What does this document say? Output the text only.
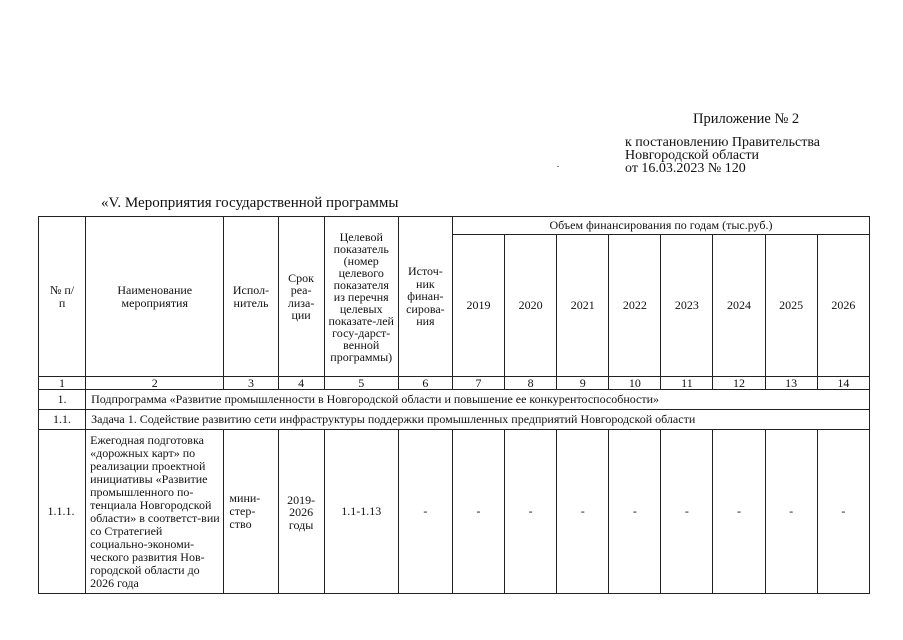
Приложение № 2
к постановлению Правительства
Новгородской области
от 16.03.2023 № 120
«V. Мероприятия государственной программы
№ п/п	Наименование мероприятия	Испол-нитель	Срок реа-лиза-ции	Целевой показатель (номер целевого показателя из перечня целевых показате-лей госу-дарст-венной программы)	Источ-ник финан-сирова-ния	Объем финансирования по годам (тыс.руб.)							
						2019	2020	2021	2022	2023	2024	2025	2026
1	2	3	4	5	6	7	8	9	10	11	12	13	14
1.	Подпрограмма «Развитие промышленности в Новгородской области и повышение ее конкурентоспособности»												
1.1.	Задача 1. Содействие развитию сети инфраструктуры поддержки промышленных предприятий Новгородской области												
1.1.1.	Ежегодная подготовка «дорожных карт» по реализации проектной инициативы «Развитие промышленного по-тенциала Новгородской области» в соответст-вии со Стратегией социально-экономи-ческого развития Нов-городской области до 2026 года	мини-стер-ство	2019-2026 годы	1.1-1.13	-	-	-	-	-	-	-	-	-
